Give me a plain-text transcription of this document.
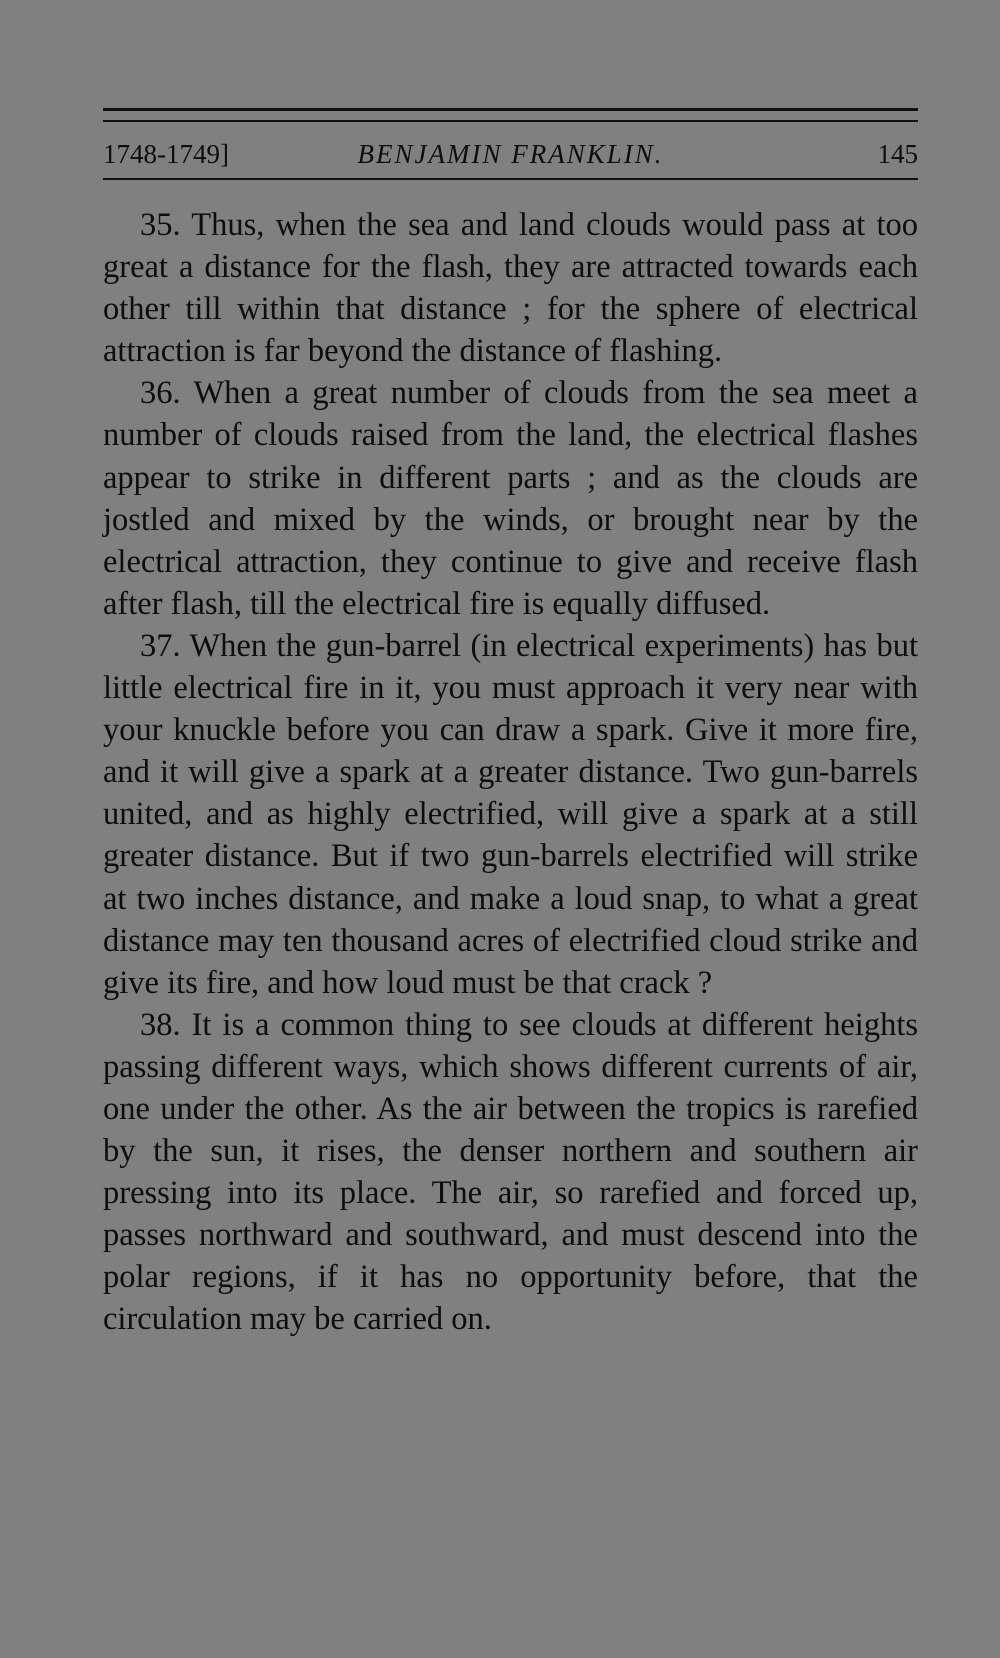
1748-1749]	BENJAMIN FRANKLIN.	145

35. Thus, when the sea and land clouds would pass at too great a distance for the flash, they are attracted towards each other till within that distance ; for the sphere of electrical attraction is far beyond the distance of flashing.

36. When a great number of clouds from the sea meet a number of clouds raised from the land, the electrical flashes appear to strike in different parts ; and as the clouds are jostled and mixed by the winds, or brought near by the electrical attraction, they continue to give and receive flash after flash, till the electrical fire is equally diffused.

37. When the gun-barrel (in electrical experiments) has but little electrical fire in it, you must approach it very near with your knuckle before you can draw a spark. Give it more fire, and it will give a spark at a greater distance. Two gun-barrels united, and as highly electrified, will give a spark at a still greater distance. But if two gun-barrels electrified will strike at two inches distance, and make a loud snap, to what a great distance may ten thousand acres of electrified cloud strike and give its fire, and how loud must be that crack ?

38. It is a common thing to see clouds at different heights passing different ways, which shows different currents of air, one under the other. As the air between the tropics is rarefied by the sun, it rises, the denser northern and southern air pressing into its place. The air, so rarefied and forced up, passes northward and southward, and must descend into the polar regions, if it has no opportunity before, that the circulation may be carried on.
